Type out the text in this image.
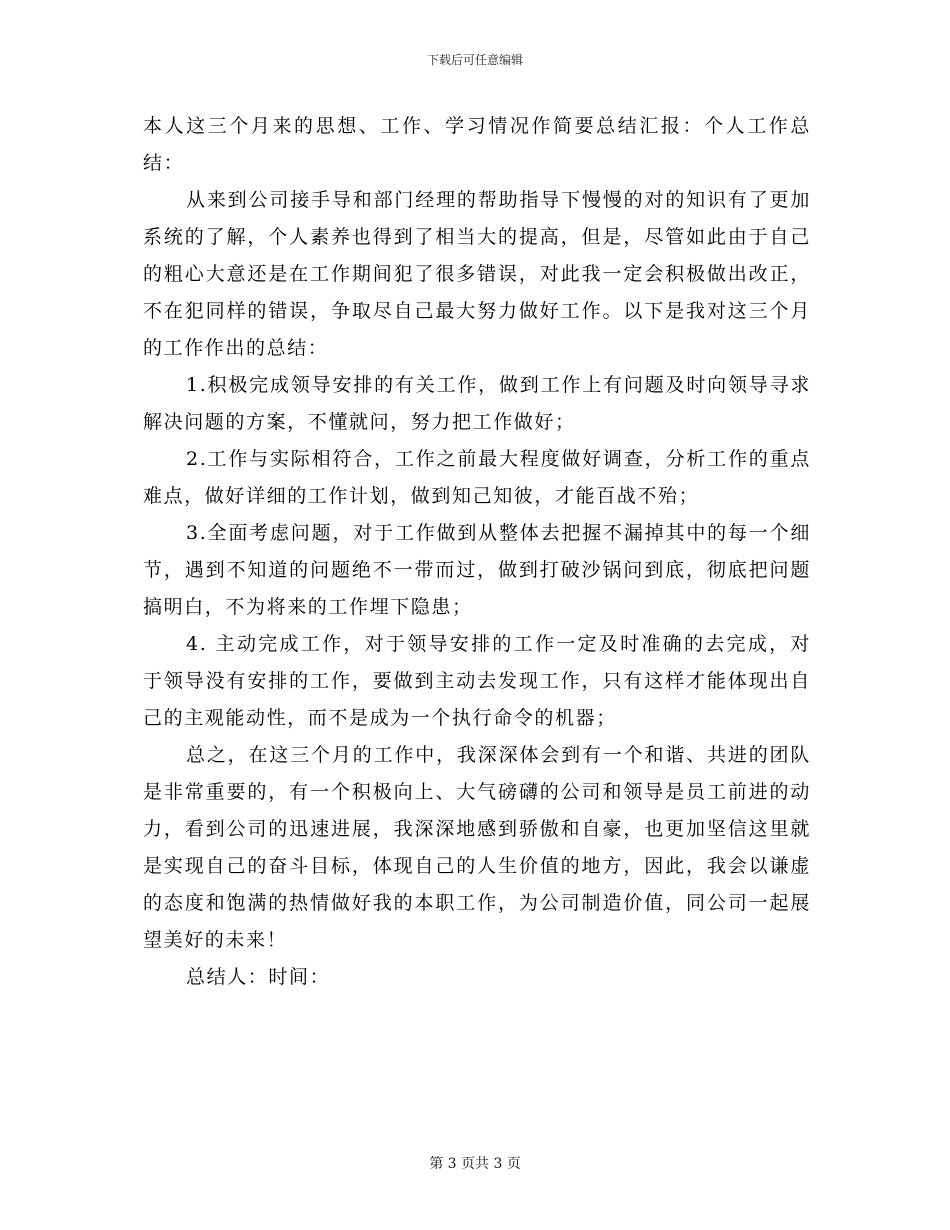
下载后可任意编辑

本人这三个月来的思想、工作、学习情况作简要总结汇报：个人工作总结：

从来到公司接手导和部门经理的帮助指导下慢慢的对的知识有了更加系统的了解，个人素养也得到了相当大的提高，但是，尽管如此由于自己的粗心大意还是在工作期间犯了很多错误，对此我一定会积极做出改正，不在犯同样的错误，争取尽自己最大努力做好工作。以下是我对这三个月的工作作出的总结：

1.积极完成领导安排的有关工作，做到工作上有问题及时向领导寻求解决问题的方案，不懂就问，努力把工作做好；

2.工作与实际相符合，工作之前最大程度做好调查，分析工作的重点难点，做好详细的工作计划，做到知己知彼，才能百战不殆；

3.全面考虑问题，对于工作做到从整体去把握不漏掉其中的每一个细节，遇到不知道的问题绝不一带而过，做到打破沙锅问到底，彻底把问题搞明白，不为将来的工作埋下隐患；

4. 主动完成工作，对于领导安排的工作一定及时准确的去完成，对于领导没有安排的工作，要做到主动去发现工作，只有这样才能体现出自己的主观能动性，而不是成为一个执行命令的机器；

总之，在这三个月的工作中，我深深体会到有一个和谐、共进的团队是非常重要的，有一个积极向上、大气磅礴的公司和领导是员工前进的动力，看到公司的迅速进展，我深深地感到骄傲和自豪，也更加坚信这里就是实现自己的奋斗目标，体现自己的人生价值的地方，因此，我会以谦虚的态度和饱满的热情做好我的本职工作，为公司制造价值，同公司一起展望美好的未来！

总结人：时间：

第 3 页共 3 页
